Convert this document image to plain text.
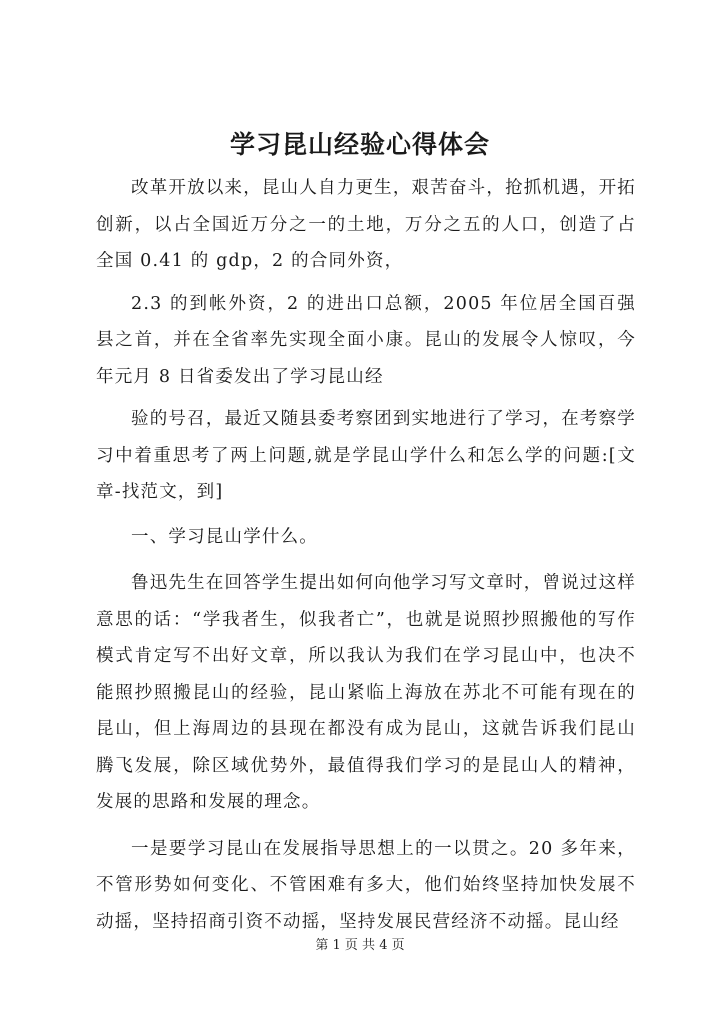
学习昆山经验心得体会

改革开放以来，昆山人自力更生，艰苦奋斗，抢抓机遇，开拓创新，以占全国近万分之一的土地，万分之五的人口，创造了占全国 0.41 的 gdp，2 的合同外资，

2.3 的到帐外资，2 的进出口总额，2005 年位居全国百强县之首，并在全省率先实现全面小康。昆山的发展令人惊叹，今年元月 8 日省委发出了学习昆山经

验的号召，最近又随县委考察团到实地进行了学习，在考察学习中着重思考了两上问题,就是学昆山学什么和怎么学的问题:[文章-找范文，到]

一、学习昆山学什么。

鲁迅先生在回答学生提出如何向他学习写文章时，曾说过这样意思的话：“学我者生，似我者亡”，也就是说照抄照搬他的写作模式肯定写不出好文章，所以我认为我们在学习昆山中，也决不能照抄照搬昆山的经验，昆山紧临上海放在苏北不可能有现在的昆山，但上海周边的县现在都没有成为昆山，这就告诉我们昆山腾飞发展，除区域优势外，最值得我们学习的是昆山人的精神，发展的思路和发展的理念。

一是要学习昆山在发展指导思想上的一以贯之。20 多年来，不管形势如何变化、不管困难有多大，他们始终坚持加快发展不动摇，坚持招商引资不动摇，坚持发展民营经济不动摇。昆山经

第 1 页 共 4 页
